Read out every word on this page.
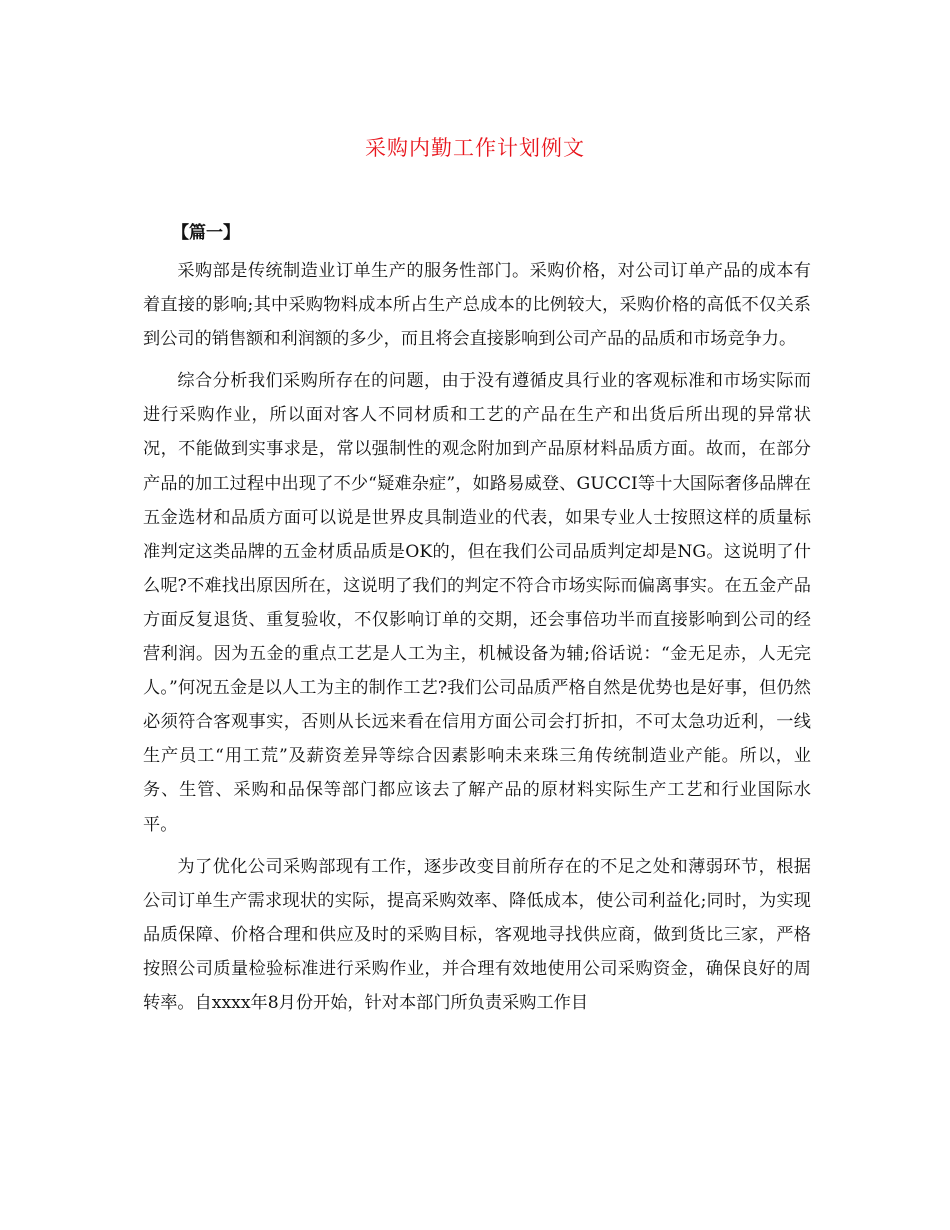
采购内勤工作计划例文
【篇一】

采购部是传统制造业订单生产的服务性部门。采购价格，对公司订单产品的成本有着直接的影响;其中采购物料成本所占生产总成本的比例较大，采购价格的高低不仅关系到公司的销售额和利润额的多少，而且将会直接影响到公司产品的品质和市场竞争力。

综合分析我们采购所存在的问题，由于没有遵循皮具行业的客观标准和市场实际而进行采购作业，所以面对客人不同材质和工艺的产品在生产和出货后所出现的异常状况，不能做到实事求是，常以强制性的观念附加到产品原材料品质方面。故而，在部分产品的加工过程中出现了不少“疑难杂症”，如路易威登、GUCCI等十大国际奢侈品牌在五金选材和品质方面可以说是世界皮具制造业的代表，如果专业人士按照这样的质量标准判定这类品牌的五金材质品质是OK的，但在我们公司品质判定却是NG。这说明了什么呢?不难找出原因所在，这说明了我们的判定不符合市场实际而偏离事实。在五金产品方面反复退货、重复验收，不仅影响订单的交期，还会事倍功半而直接影响到公司的经营利润。因为五金的重点工艺是人工为主，机械设备为辅;俗话说：“金无足赤，人无完人。”何况五金是以人工为主的制作工艺?我们公司品质严格自然是优势也是好事，但仍然必须符合客观事实，否则从长远来看在信用方面公司会打折扣，不可太急功近利，一线生产员工“用工荒”及薪资差异等综合因素影响未来珠三角传统制造业产能。所以，业务、生管、采购和品保等部门都应该去了解产品的原材料实际生产工艺和行业国际水平。

为了优化公司采购部现有工作，逐步改变目前所存在的不足之处和薄弱环节，根据公司订单生产需求现状的实际，提高采购效率、降低成本，使公司利益化;同时，为实现品质保障、价格合理和供应及时的采购目标，客观地寻找供应商，做到货比三家，严格按照公司质量检验标准进行采购作业，并合理有效地使用公司采购资金，确保良好的周转率。自xxxx年8月份开始，针对本部门所负责采购工作目
